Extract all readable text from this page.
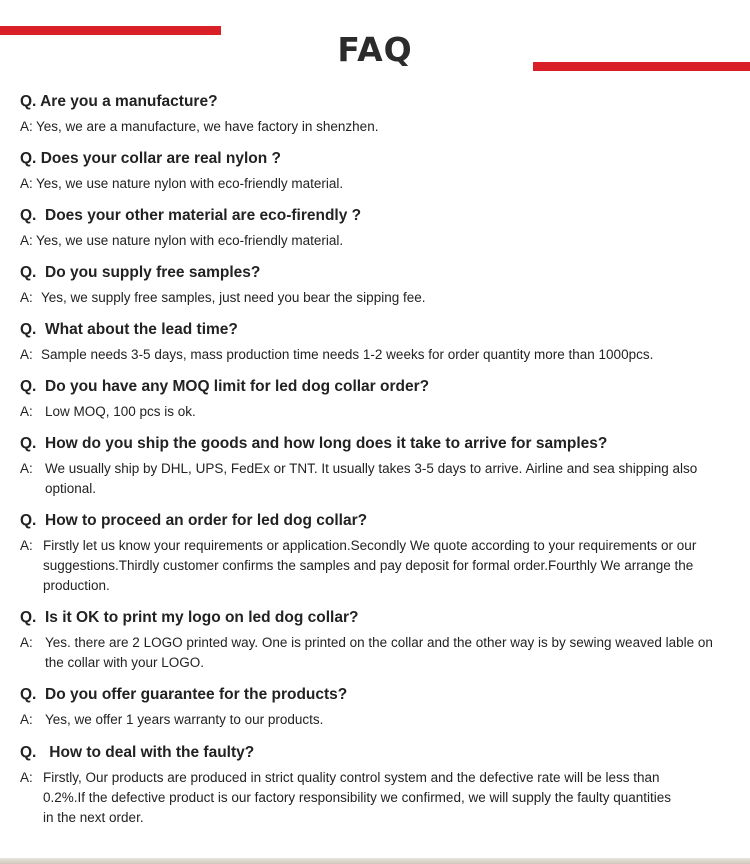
FAQ
Q. Are you a manufacture?
A: Yes, we are a manufacture, we have factory in shenzhen.
Q. Does your collar are real nylon ?
A: Yes, we use nature nylon with eco-friendly material.
Q. Does your other material are eco-firendly ?
A: Yes, we use nature nylon with eco-friendly material.
Q. Do you supply free samples?
A: Yes, we supply free samples, just need you bear the sipping fee.
Q. What about the lead time?
A: Sample needs 3-5 days, mass production time needs 1-2 weeks for order quantity more than 1000pcs.
Q. Do you have any MOQ limit for led dog collar order?
A: Low MOQ, 100 pcs is ok.
Q. How do you ship the goods and how long does it take to arrive for samples?
A: We usually ship by DHL, UPS, FedEx or TNT. It usually takes 3-5 days to arrive. Airline and sea shipping also optional.
Q. How to proceed an order for led dog collar?
A: Firstly let us know your requirements or application.Secondly We quote according to your requirements or our suggestions.Thirdly customer confirms the samples and pay deposit for formal order.Fourthly We arrange the production.
Q. Is it OK to print my logo on led dog collar?
A: Yes. there are 2 LOGO printed way. One is printed on the collar and the other way is by sewing weaved lable on the collar with your LOGO.
Q. Do you offer guarantee for the products?
A: Yes, we offer 1 years warranty to our products.
Q. How to deal with the faulty?
A: Firstly, Our products are produced in strict quality control system and the defective rate will be less than 0.2%.If the defective product is our factory responsibility we confirmed, we will supply the faulty quantities in the next order.
